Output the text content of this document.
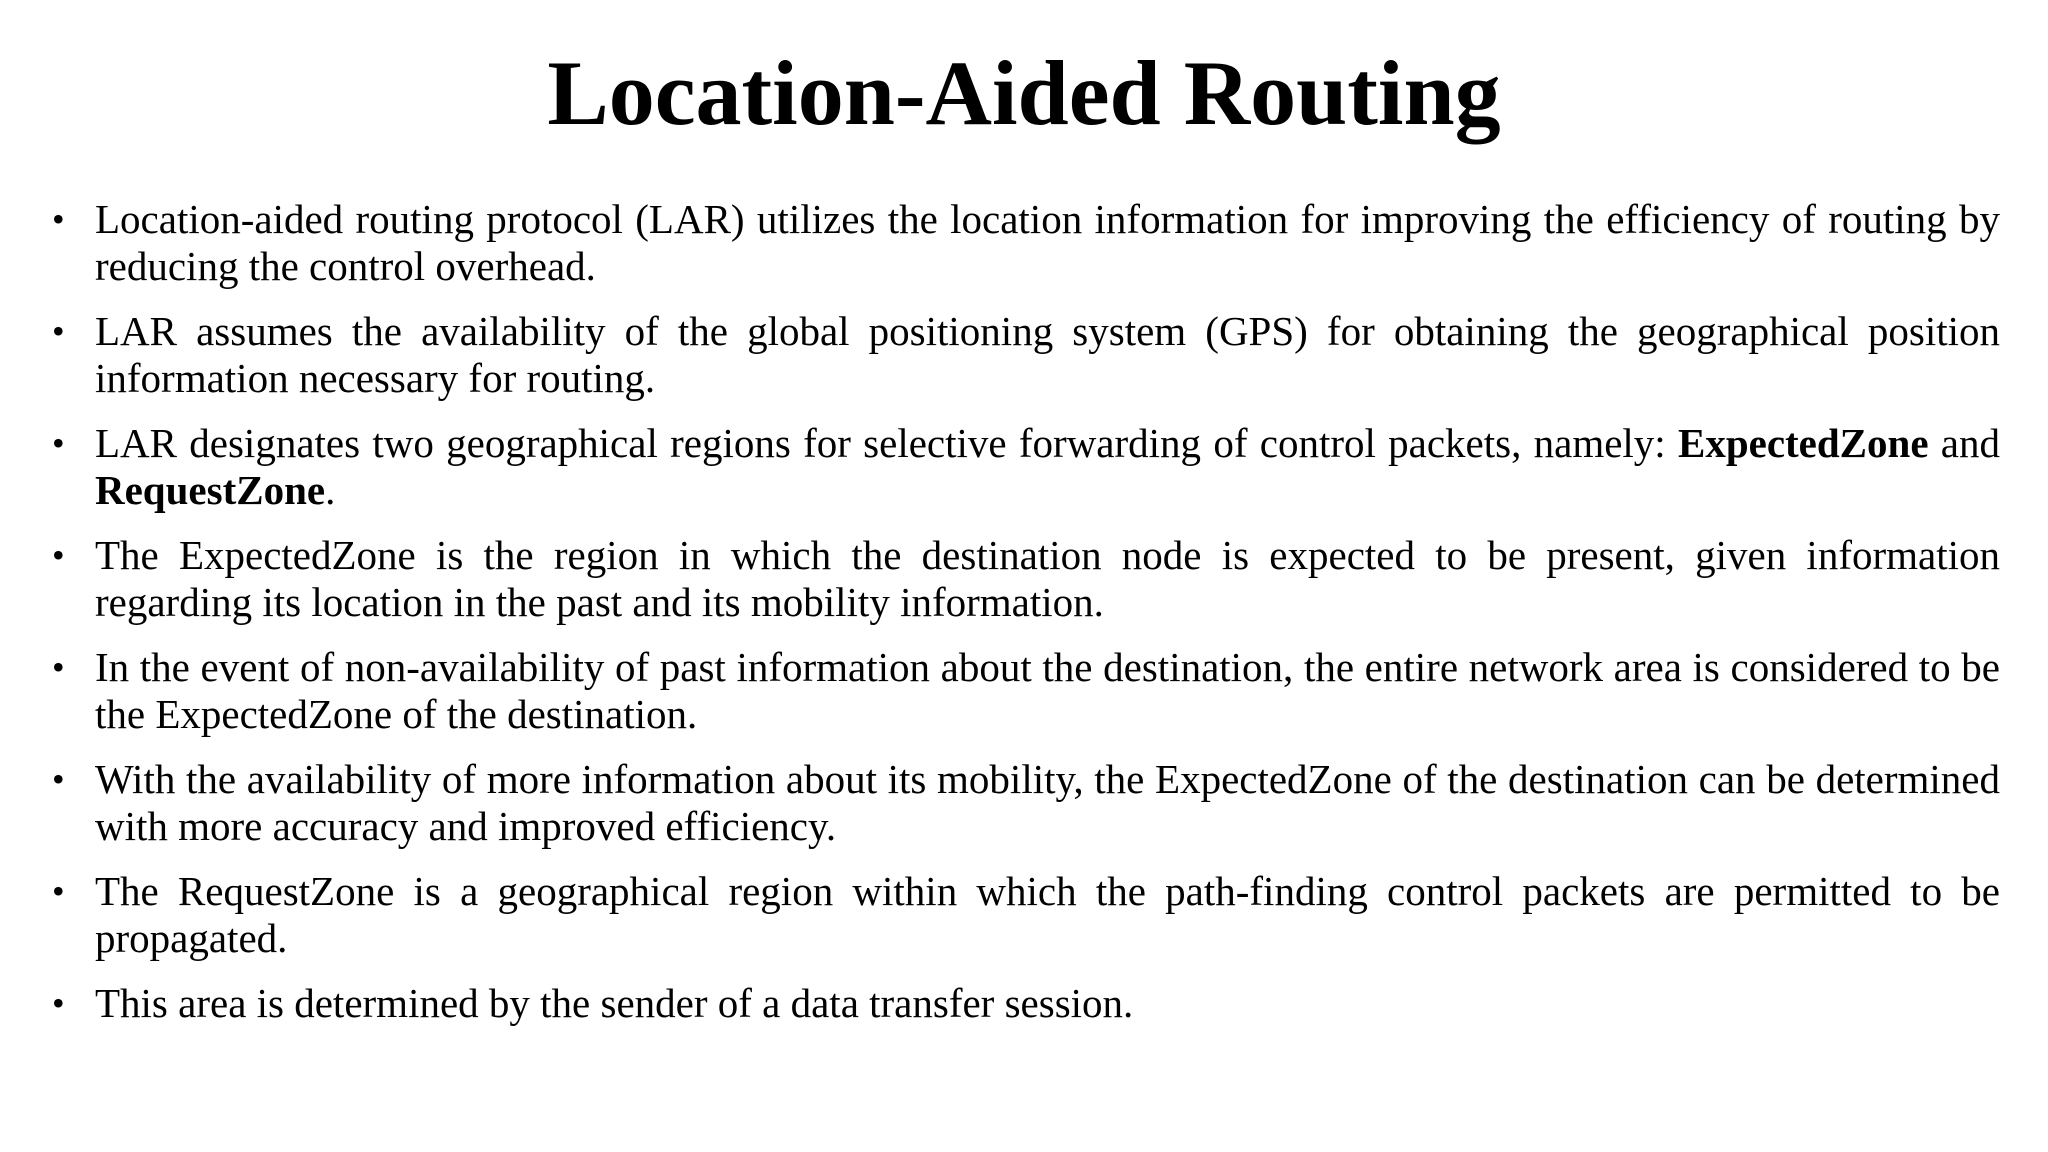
Location-Aided Routing
• Location-aided routing protocol (LAR) utilizes the location information for improving the efficiency of routing by reducing the control overhead.
• LAR assumes the availability of the global positioning system (GPS) for obtaining the geographical position information necessary for routing.
• LAR designates two geographical regions for selective forwarding of control packets, namely: ExpectedZone and RequestZone.
• The ExpectedZone is the region in which the destination node is expected to be present, given information regarding its location in the past and its mobility information.
• In the event of non-availability of past information about the destination, the entire network area is considered to be the ExpectedZone of the destination.
• With the availability of more information about its mobility, the ExpectedZone of the destination can be determined with more accuracy and improved efficiency.
• The RequestZone is a geographical region within which the path-finding control packets are permitted to be propagated.
• This area is determined by the sender of a data transfer session.
